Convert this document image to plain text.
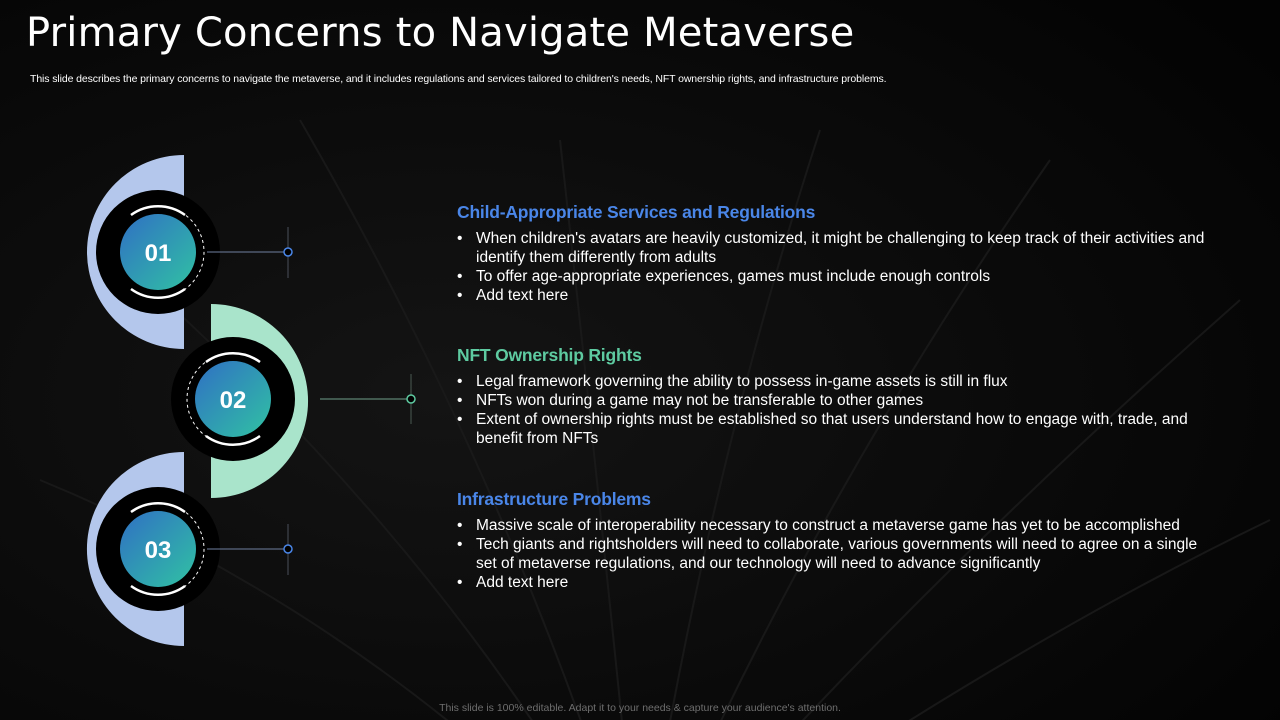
Primary Concerns to Navigate Metaverse

This slide describes the primary concerns to navigate the metaverse, and it includes regulations and services tailored to children's needs, NFT ownership rights, and infrastructure problems.

01
02
03
Child-Appropriate Services and Regulations
• When children's avatars are heavily customized, it might be challenging to keep track of their activities and identify them differently from adults
• To offer age-appropriate experiences, games must include enough controls
• Add text here
NFT Ownership Rights
• Legal framework governing the ability to possess in-game assets is still in flux
• NFTs won during a game may not be transferable to other games
• Extent of ownership rights must be established so that users understand how to engage with, trade, and benefit from NFTs
Infrastructure Problems
• Massive scale of interoperability necessary to construct a metaverse game has yet to be accomplished
• Tech giants and rightsholders will need to collaborate, various governments will need to agree on a single set of metaverse regulations, and our technology will need to advance significantly
• Add text here
This slide is 100% editable. Adapt it to your needs & capture your audience's attention.
